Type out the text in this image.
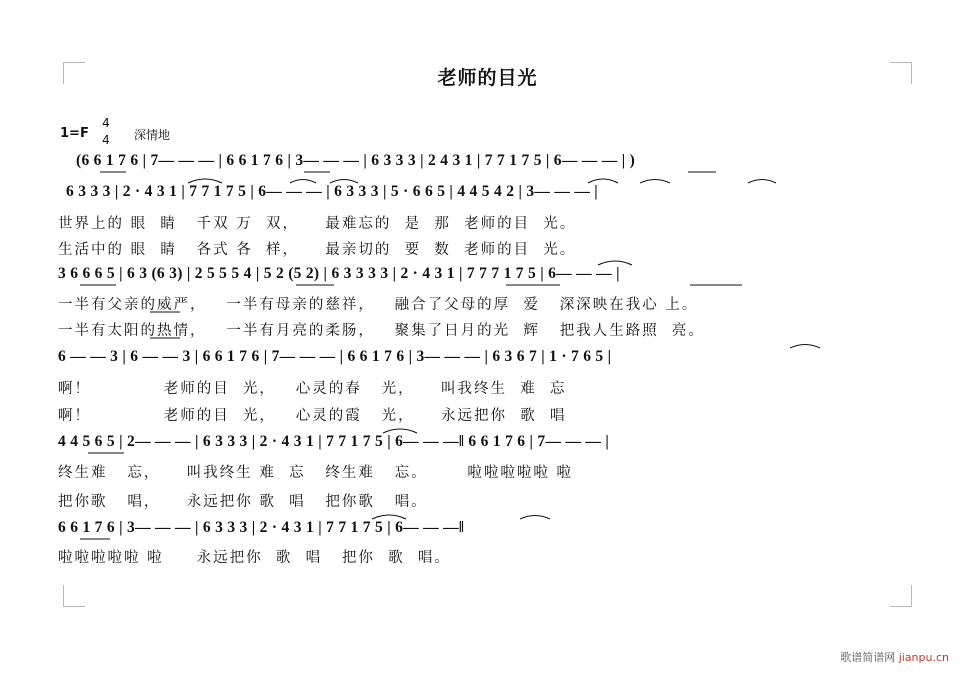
老师的目光
1=F
4
4 深情地
(6 6 1 7 6 | 7— — — | 6 6 1 7 6 | 3— — — | 6 3 3 3 | 2 4 3 1 | 7 7 1 7 5 | 6— — — | )
6 3 3 3 | 2 · 4 3 1 | 7 7 1 7 5 | 6— — — | 6 3 3 3 | 5 · 6 6 5 | 4 4 5 4 2 | 3— — — |
世界上的 眼  睛   千双 万  双，    最难忘的  是  那  老师的目  光。
生活中的 眼  睛   各式 各  样，    最亲切的  要  数  老师的目  光。
3 6 6 6 5 | 6 3 (6 3) | 2 5 5 5 4 | 5 2 (5 2) | 6 3 3 3 3 | 2 · 4 3 1 | 7 7 7 1 7 5 | 6— — — |
一半有父亲的威严，   一半有母亲的慈祥，   融合了父母的厚  爱   深深映在我心 上。
一半有太阳的热情，   一半有月亮的柔肠，   聚集了日月的光  辉   把我人生路照  亮。
6 — — 3 | 6 — — 3 | 6 6 1 7 6 | 7— — — | 6 6 1 7 6 | 3— — — | 6 3 6 7 | 1 · 7 6 5 |
啊！           老师的目  光，   心灵的春   光，    叫我终生  难  忘
啊！           老师的目  光，   心灵的霞   光，    永远把你  歌  唱
4 4 5 6 5 | 2— — — | 6 3 3 3 | 2 · 4 3 1 | 7 7 1 7 5 | 6— — —‖ 6 6 1 7 6 | 7— — — |
终生难   忘，    叫我终生 难  忘   终生难   忘。      啦啦啦啦啦 啦
把你歌   唱，    永远把你 歌  唱   把你歌   唱。
6 6 1 7 6 | 3— — — | 6 3 3 3 | 2 · 4 3 1 | 7 7 1 7 5 | 6— — —‖
啦啦啦啦啦 啦     永远把你  歌  唱   把你  歌  唱。
歌谱简谱网 jianpu.cn
